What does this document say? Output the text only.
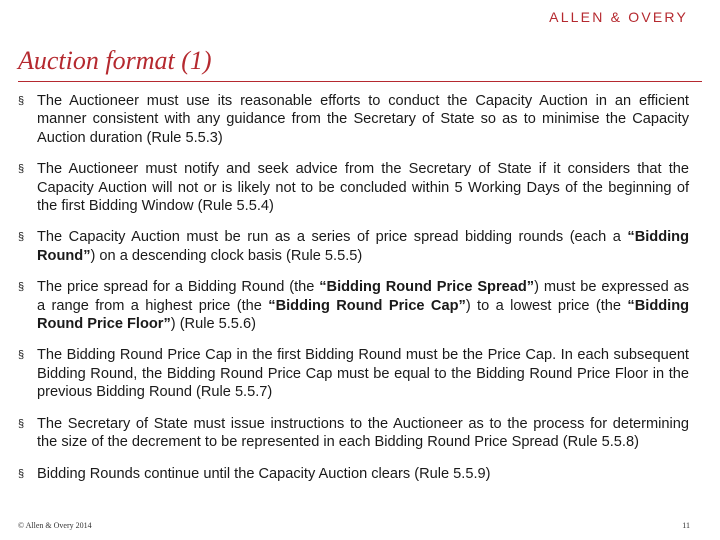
ALLEN & OVERY
Auction format (1)
§ The Auctioneer must use its reasonable efforts to conduct the Capacity Auction in an efficient manner consistent with any guidance from the Secretary of State so as to minimise the Capacity Auction duration (Rule 5.5.3)
§ The Auctioneer must notify and seek advice from the Secretary of State if it considers that the Capacity Auction will not or is likely not to be concluded within 5 Working Days of the beginning of the first Bidding Window (Rule 5.5.4)
§ The Capacity Auction must be run as a series of price spread bidding rounds (each a “Bidding Round”) on a descending clock basis (Rule 5.5.5)
§ The price spread for a Bidding Round (the “Bidding Round Price Spread”) must be expressed as a range from a highest price (the “Bidding Round Price Cap”) to a lowest price (the “Bidding Round Price Floor”) (Rule 5.5.6)
§ The Bidding Round Price Cap in the first Bidding Round must be the Price Cap. In each subsequent Bidding Round, the Bidding Round Price Cap must be equal to the Bidding Round Price Floor in the previous Bidding Round (Rule 5.5.7)
§ The Secretary of State must issue instructions to the Auctioneer as to the process for determining the size of the decrement to be represented in each Bidding Round Price Spread (Rule 5.5.8)
§ Bidding Rounds continue until the Capacity Auction clears (Rule 5.5.9)
© Allen & Overy 2014	11
